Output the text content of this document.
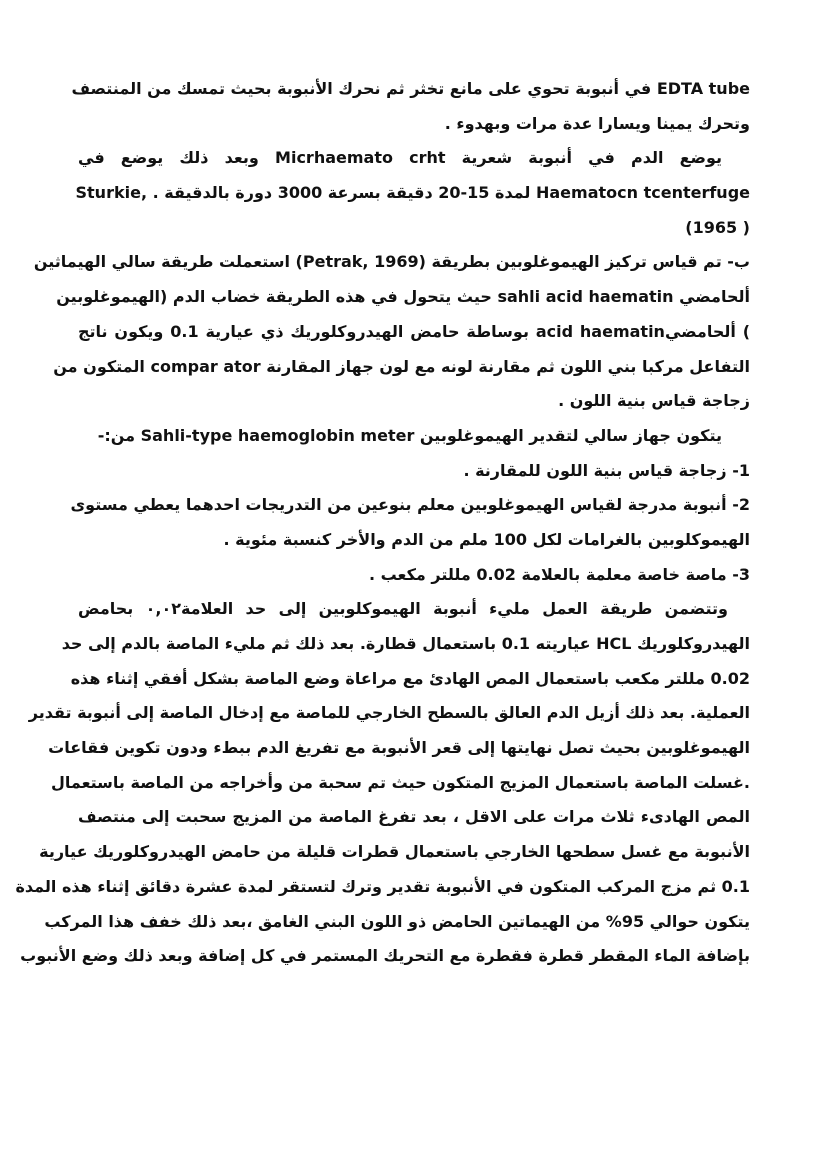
EDTA tube في أنبوبة تحوي على مانع تخثر ثم نحرك الأنبوبة بحيث تمسك من المنتصف
وتحرك يمينا ويسارا عدة مرات وبهدوء .
يوضع الدم في أنبوبة شعرية Micrhaemato crht وبعد ذلك يوضع في
Haematocn tcenterfuge لمدة 15-20 دقيقة بسرعة 3000 دورة بالدقيقة . ,Sturkie
( 1965)
ب- تم قياس تركيز الهيموغلوبين بطريقة (Petrak, 1969) استعملت طريقة سالي الهيماثين
ألحامضي sahli acid haematin حيث يتحول في هذه الطريقة خضاب الدم (الهيموغلوبين
) ألحامضيacid haematin بوساطة حامض الهيدروكلوريك ذي عيارية 0.1 ويكون ناتج
التفاعل مركبا بني اللون ثم مقارنة لونه مع لون جهاز المقارنة compar ator المتكون من
زجاجة قياس بنية اللون .
يتكون جهاز سالي لتقدير الهيموغلوبين Sahli-type haemoglobin meter من:-
1- زجاجة قياس بنية اللون للمقارنة .
2- أنبوبة مدرجة لقياس الهيموغلوبين معلم بنوعين من التدريجات احدهما يعطي مستوى
الهيموكلوبين بالغرامات لكل 100 ملم من الدم والأخر كنسبة مئوية .
3- ماصة خاصة معلمة بالعلامة 0.02 مللتر مكعب .
وتتضمن طريقة العمل مليء أنبوبة الهيموكلوبين إلى حد العلامة٠,٠٢ بحامض
الهيدروكلوريك HCL عياريته 0.1 باستعمال قطارة. بعد ذلك ثم مليء الماصة بالدم إلى حد
0.02 مللتر مكعب باستعمال المص الهادئ مع مراعاة وضع الماصة بشكل أفقي إثناء هذه
العملية. بعد ذلك أزيل الدم العالق بالسطح الخارجي للماصة مع إدخال الماصة إلى أنبوبة تقدير
الهيموغلوبين بحيث تصل نهايتها إلى قعر الأنبوبة مع تفريغ الدم ببطء ودون تكوين فقاعات
.غسلت الماصة باستعمال المزيج المتكون حيث تم سحبة من وأخراجه من الماصة باستعمال
المص الهادىء ثلاث مرات على الاقل ، بعد تفرغ الماصة من المزيج سحبت إلى منتصف
الأنبوبة مع غسل سطحها الخارجي باستعمال قطرات قليلة من حامض الهيدروكلوريك عيارية
0.1 ثم مزج المركب المتكون في الأنبوبة تقدير وترك لتستقر لمدة عشرة دقائق إثناء هذه المدة
يتكون حوالي 95% من الهيماتين الحامض ذو اللون البني الغامق ،بعد ذلك خفف هذا المركب
بإضافة الماء المقطر قطرة فقطرة مع التحريك المستمر في كل إضافة وبعد ذلك وضع الأنبوب
